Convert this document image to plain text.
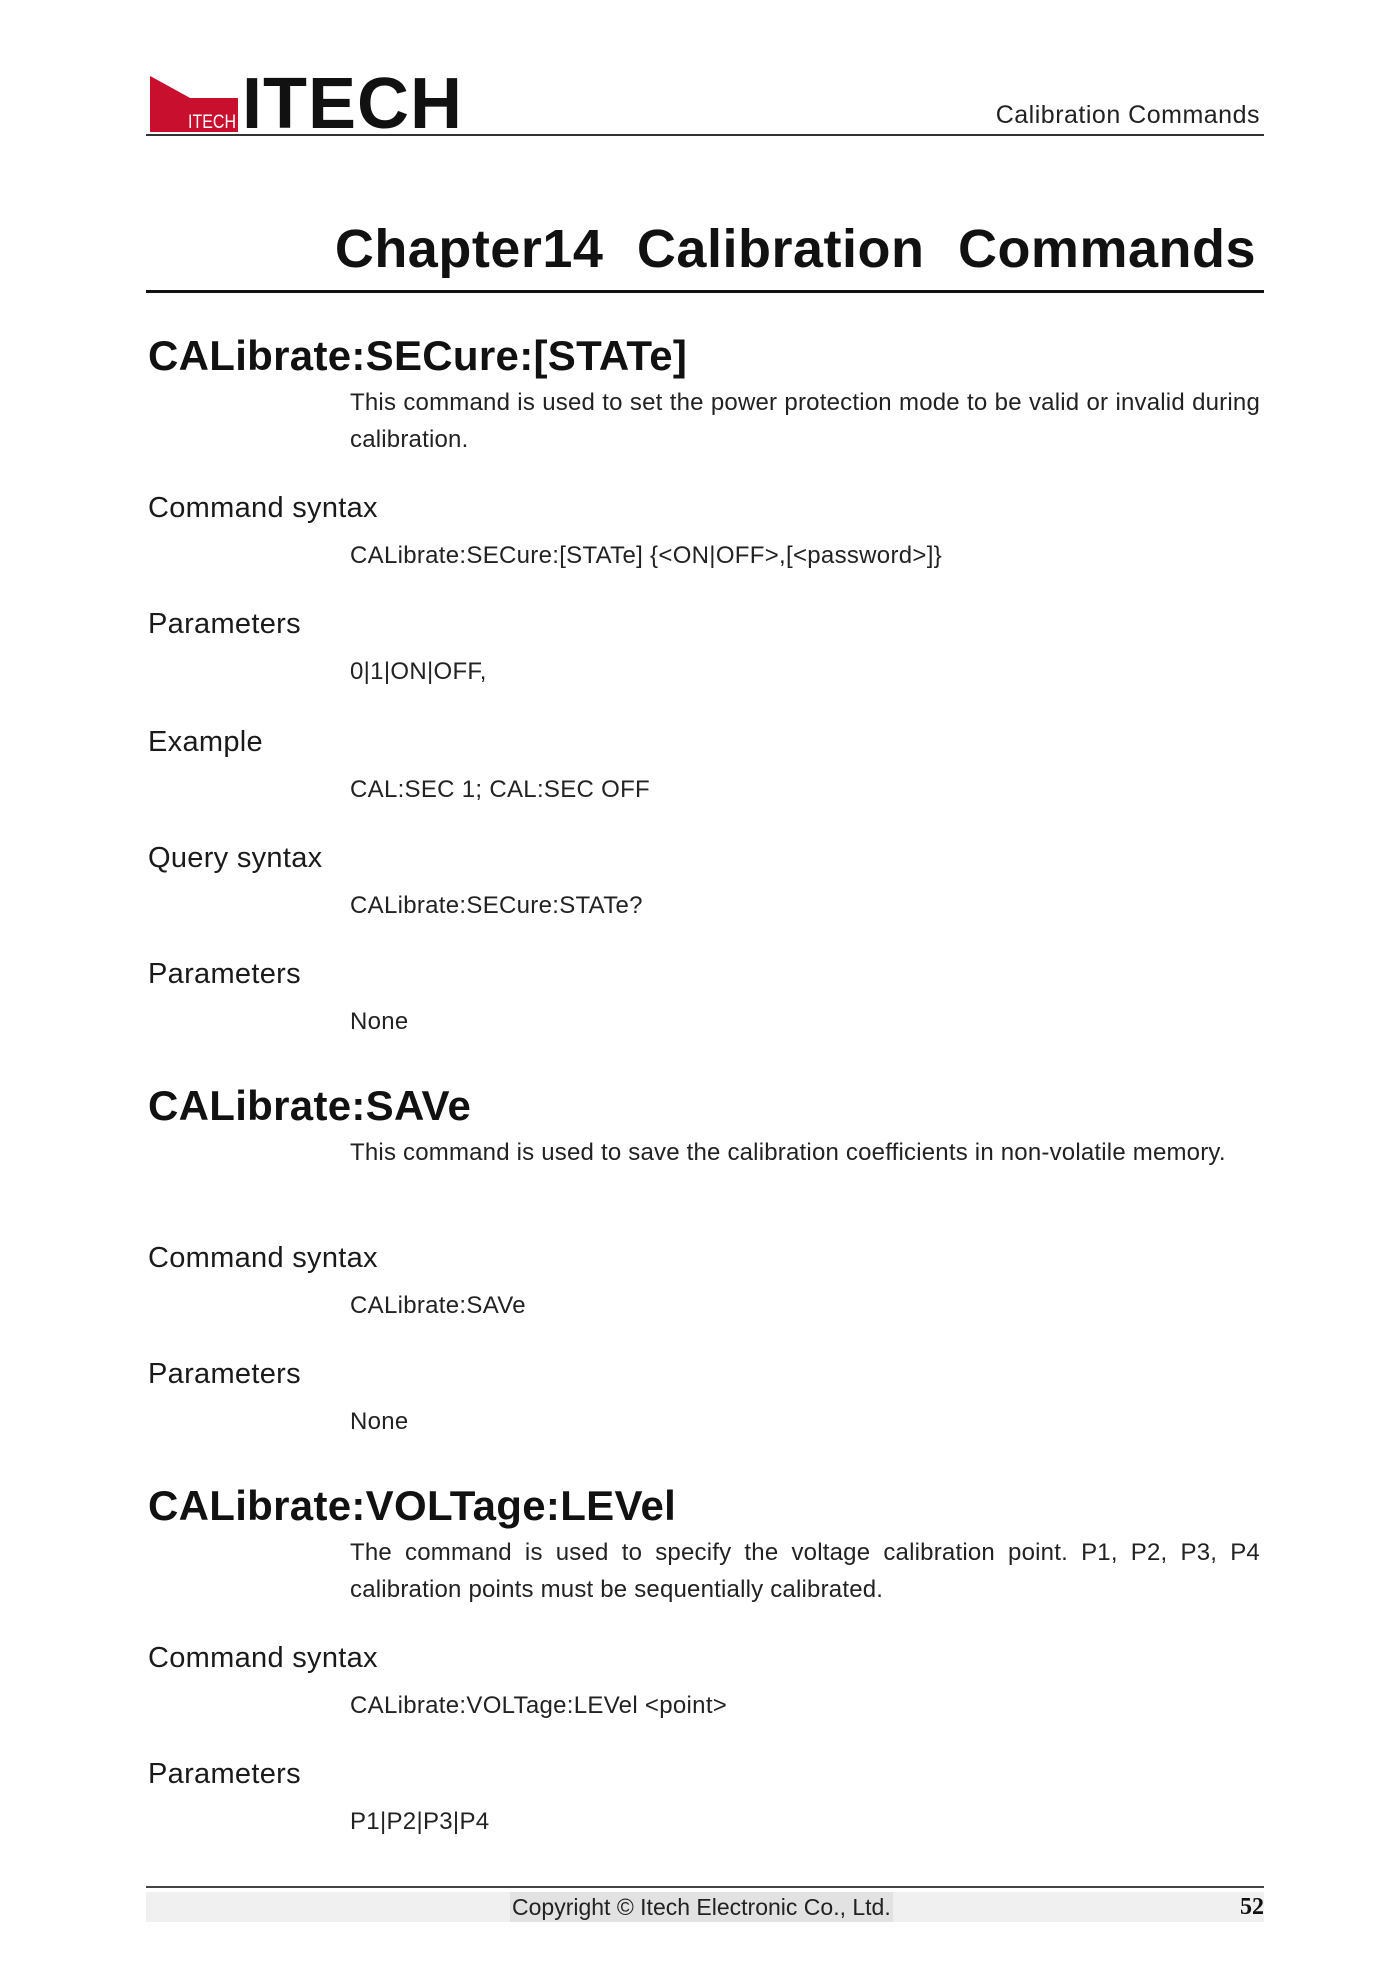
ITECH ITECH	Calibration Commands
Chapter14 Calibration Commands
CALibrate:SECure:[STATe]
This command is used to set the power protection mode to be valid or invalid during calibration.
Command syntax
CALibrate:SECure:[STATe] {<ON|OFF>,[<password>]}
Parameters
0|1|ON|OFF,
Example
CAL:SEC 1; CAL:SEC OFF
Query syntax
CALibrate:SECure:STATe?
Parameters
None
CALibrate:SAVe
This command is used to save the calibration coefficients in non-volatile memory.
Command syntax
CALibrate:SAVe
Parameters
None
CALibrate:VOLTage:LEVel
The command is used to specify the voltage calibration point. P1, P2, P3, P4 calibration points must be sequentially calibrated.
Command syntax
CALibrate:VOLTage:LEVel <point>
Parameters
P1|P2|P3|P4
Copyright © Itech Electronic Co., Ltd.	52
